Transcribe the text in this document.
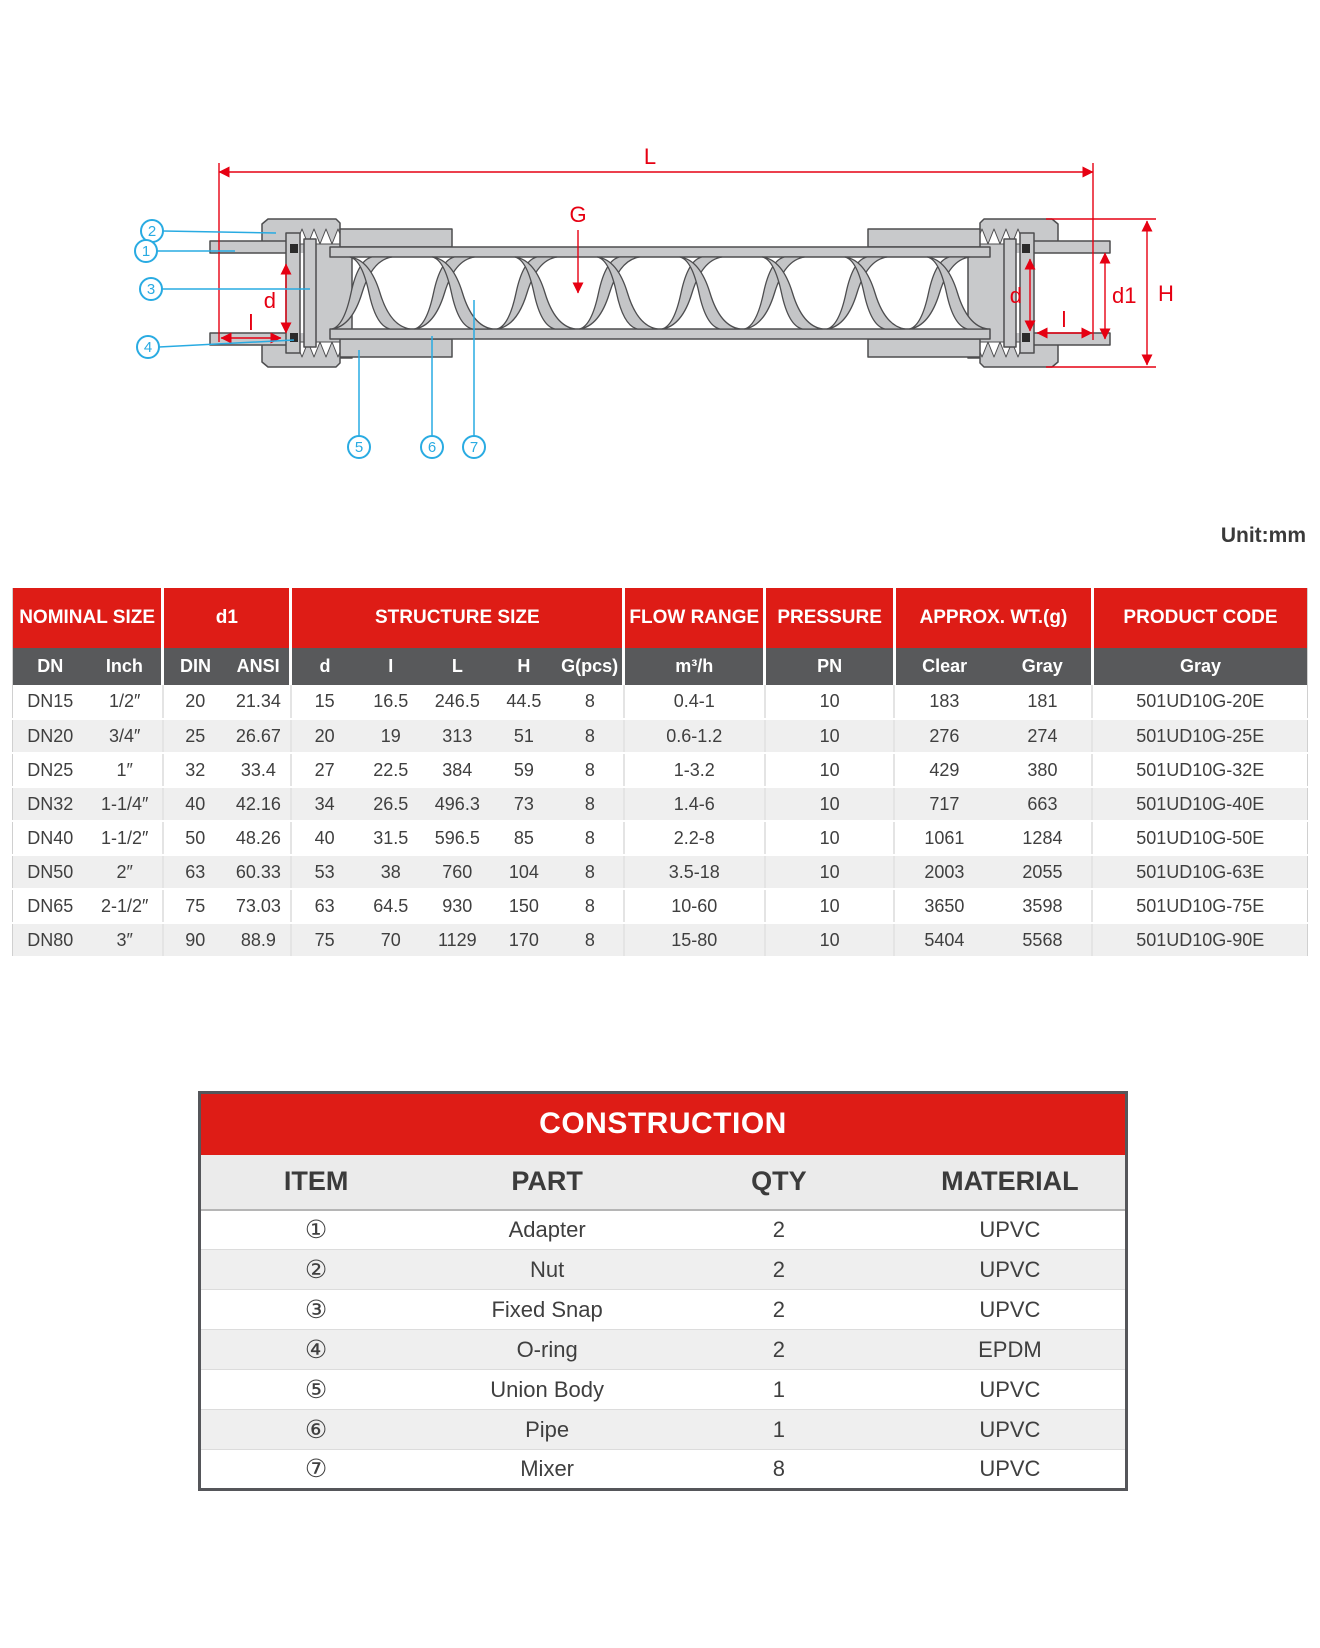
L
G
d
l
d	d1
l
H
2
1
3
4
5	6 7
Unit:mm
NOMINAL SIZE		d1		STRUCTURE SIZE					FLOW RANGE	PRESSURE	APPROX. WT.(g)		PRODUCT CODE
DN	Inch	DIN	ANSI	d	I	L	H	G(pcs)	m³/h	PN	Clear	Gray	Gray
DN15	1/2″	20	21.34	15	16.5	246.5	44.5	8	0.4-1	10	183	181	501UD10G-20E
DN20	3/4″	25	26.67	20	19	313	51	8	0.6-1.2	10	276	274	501UD10G-25E
DN25	1″	32	33.4	27	22.5	384	59	8	1-3.2	10	429	380	501UD10G-32E
DN32	1-1/4″	40	42.16	34	26.5	496.3	73	8	1.4-6	10	717	663	501UD10G-40E
DN40	1-1/2″	50	48.26	40	31.5	596.5	85	8	2.2-8	10	1061	1284	501UD10G-50E
DN50	2″	63	60.33	53	38	760	104	8	3.5-18	10	2003	2055	501UD10G-63E
DN65	2-1/2″	75	73.03	63	64.5	930	150	8	10-60	10	3650	3598	501UD10G-75E
DN80	3″	90	88.9	75	70	1129	170	8	15-80	10	5404	5568	501UD10G-90E
CONSTRUCTION			
ITEM	PART	QTY	MATERIAL
①	Adapter	2	UPVC
②	Nut	2	UPVC
③	Fixed Snap	2	UPVC
④	O-ring	2	EPDM
⑤	Union Body	1	UPVC
⑥	Pipe	1	UPVC
⑦	Mixer	8	UPVC
